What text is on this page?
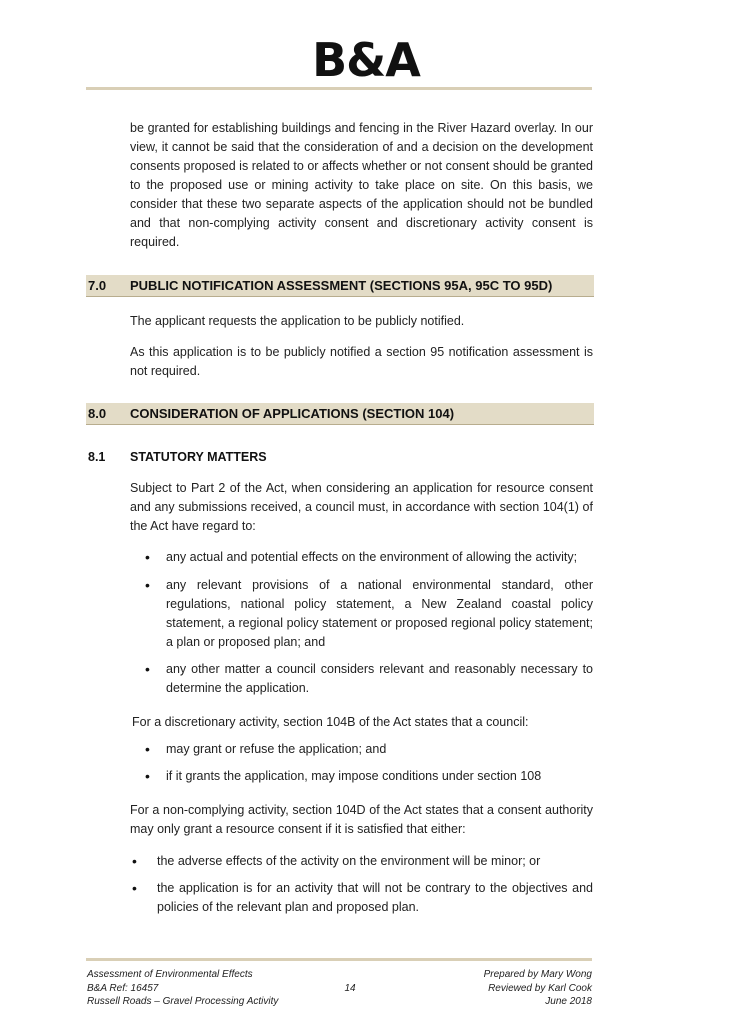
B&A

be granted for establishing buildings and fencing in the River Hazard overlay. In our view, it cannot be said that the consideration of and a decision on the development consents proposed is related to or affects whether or not consent should be granted to the proposed use or mining activity to take place on site. On this basis, we consider that these two separate aspects of the application should not be bundled and that non-complying activity consent and discretionary activity consent is required.

7.0 PUBLIC NOTIFICATION ASSESSMENT (SECTIONS 95A, 95C TO 95D)

The applicant requests the application to be publicly notified.

As this application is to be publicly notified a section 95 notification assessment is not required.

8.0 CONSIDERATION OF APPLICATIONS (SECTION 104)
8.1 STATUTORY MATTERS

Subject to Part 2 of the Act, when considering an application for resource consent and any submissions received, a council must, in accordance with section 104(1) of the Act have regard to:

• any actual and potential effects on the environment of allowing the activity;

• any relevant provisions of a national environmental standard, other regulations, national policy statement, a New Zealand coastal policy statement, a regional policy statement or proposed regional policy statement; a plan or proposed plan; and

• any other matter a council considers relevant and reasonably necessary to determine the application.

For a discretionary activity, section 104B of the Act states that a council:

• may grant or refuse the application; and

• if it grants the application, may impose conditions under section 108

For a non-complying activity, section 104D of the Act states that a consent authority may only grant a resource consent if it is satisfied that either:

• the adverse effects of the activity on the environment will be minor; or

• the application is for an activity that will not be contrary to the objectives and policies of the relevant plan and proposed plan.

Assessment of Environmental Effects
B&A Ref: 16457
Russell Roads – Gravel Processing Activity
14
Prepared by Mary Wong
Reviewed by Karl Cook
June 2018
